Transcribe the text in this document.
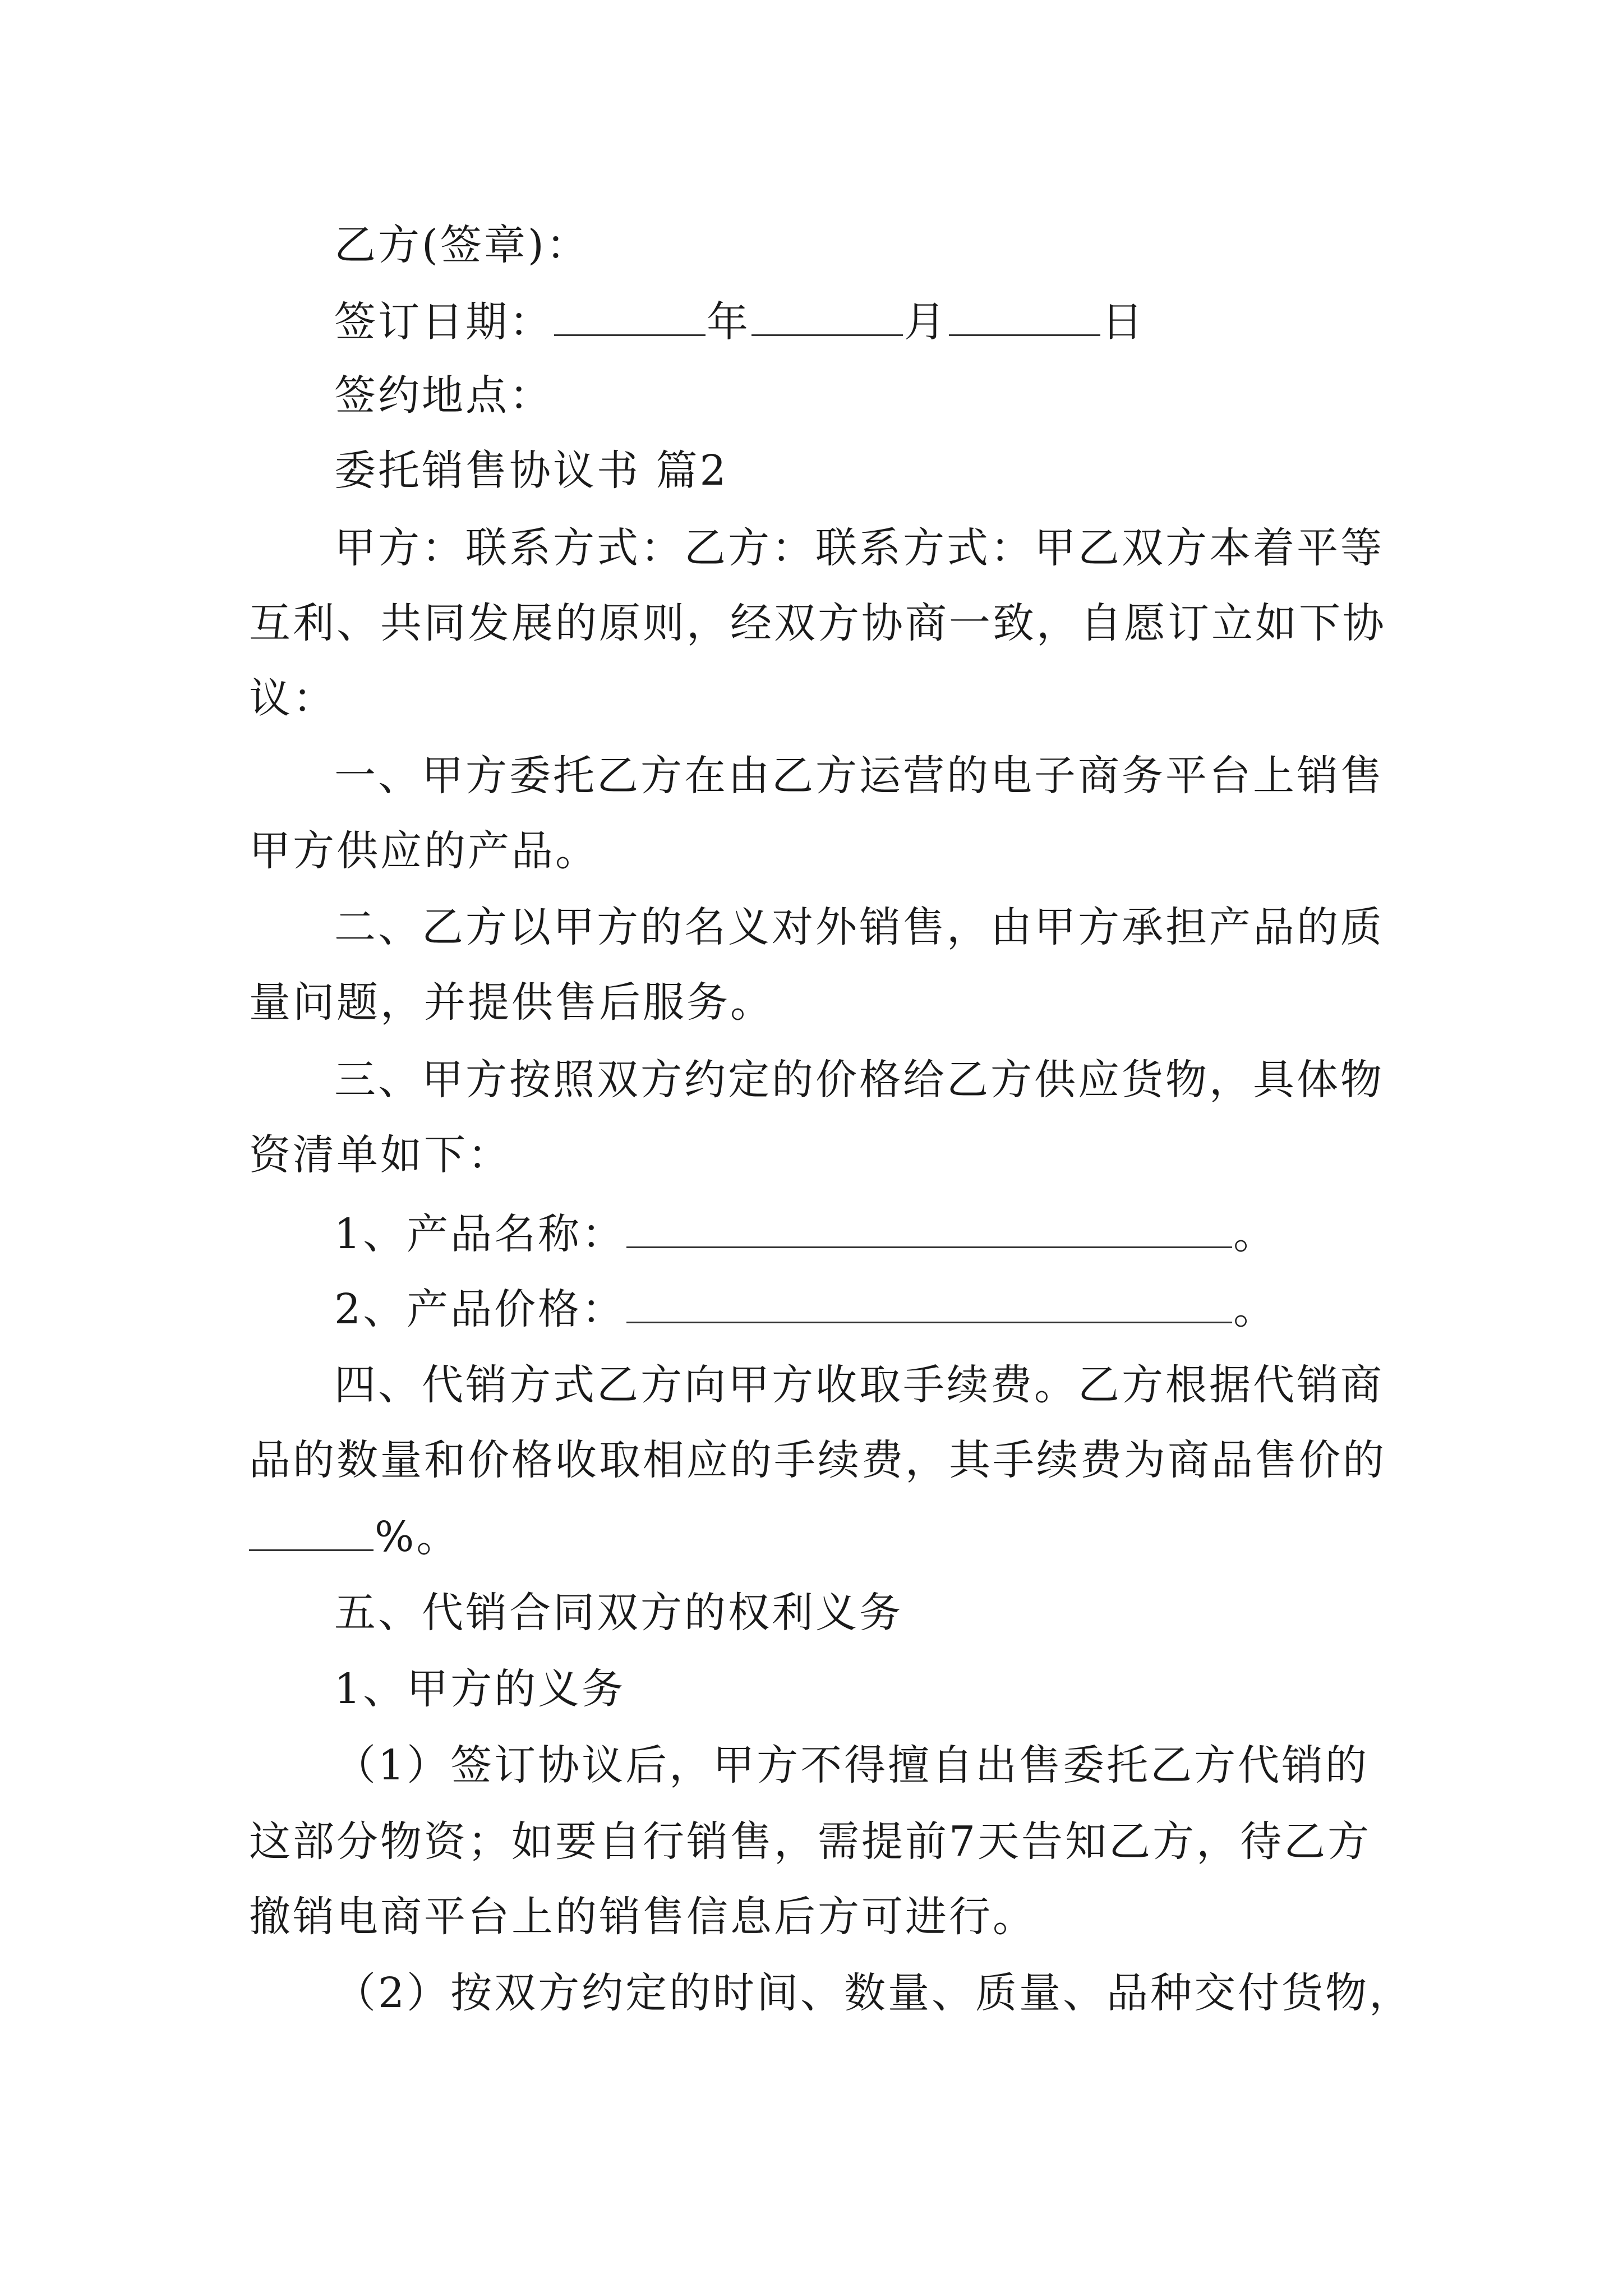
乙方(签章)：
签订日期：	年	月	日
签约地点：
委托销售协议书 篇2
甲方：联系方式：乙方：联系方式：甲乙双方本着平等
互利、共同发展的原则，经双方协商一致，自愿订立如下协
议：
一、甲方委托乙方在由乙方运营的电子商务平台上销售
甲方供应的产品。
二、乙方以甲方的名义对外销售，由甲方承担产品的质
量问题，并提供售后服务。
三、甲方按照双方约定的价格给乙方供应货物，具体物
资清单如下：
1、产品名称：	。
2、产品价格：	。
四、代销方式乙方向甲方收取手续费。乙方根据代销商
品的数量和价格收取相应的手续费，其手续费为商品售价的
%。
五、代销合同双方的权利义务
1、甲方的义务
（1）签订协议后，甲方不得擅自出售委托乙方代销的
这部分物资；如要自行销售，需提前7天告知乙方，待乙方
撤销电商平台上的销售信息后方可进行。
（2）按双方约定的时间、数量、质量、品种交付货物，
